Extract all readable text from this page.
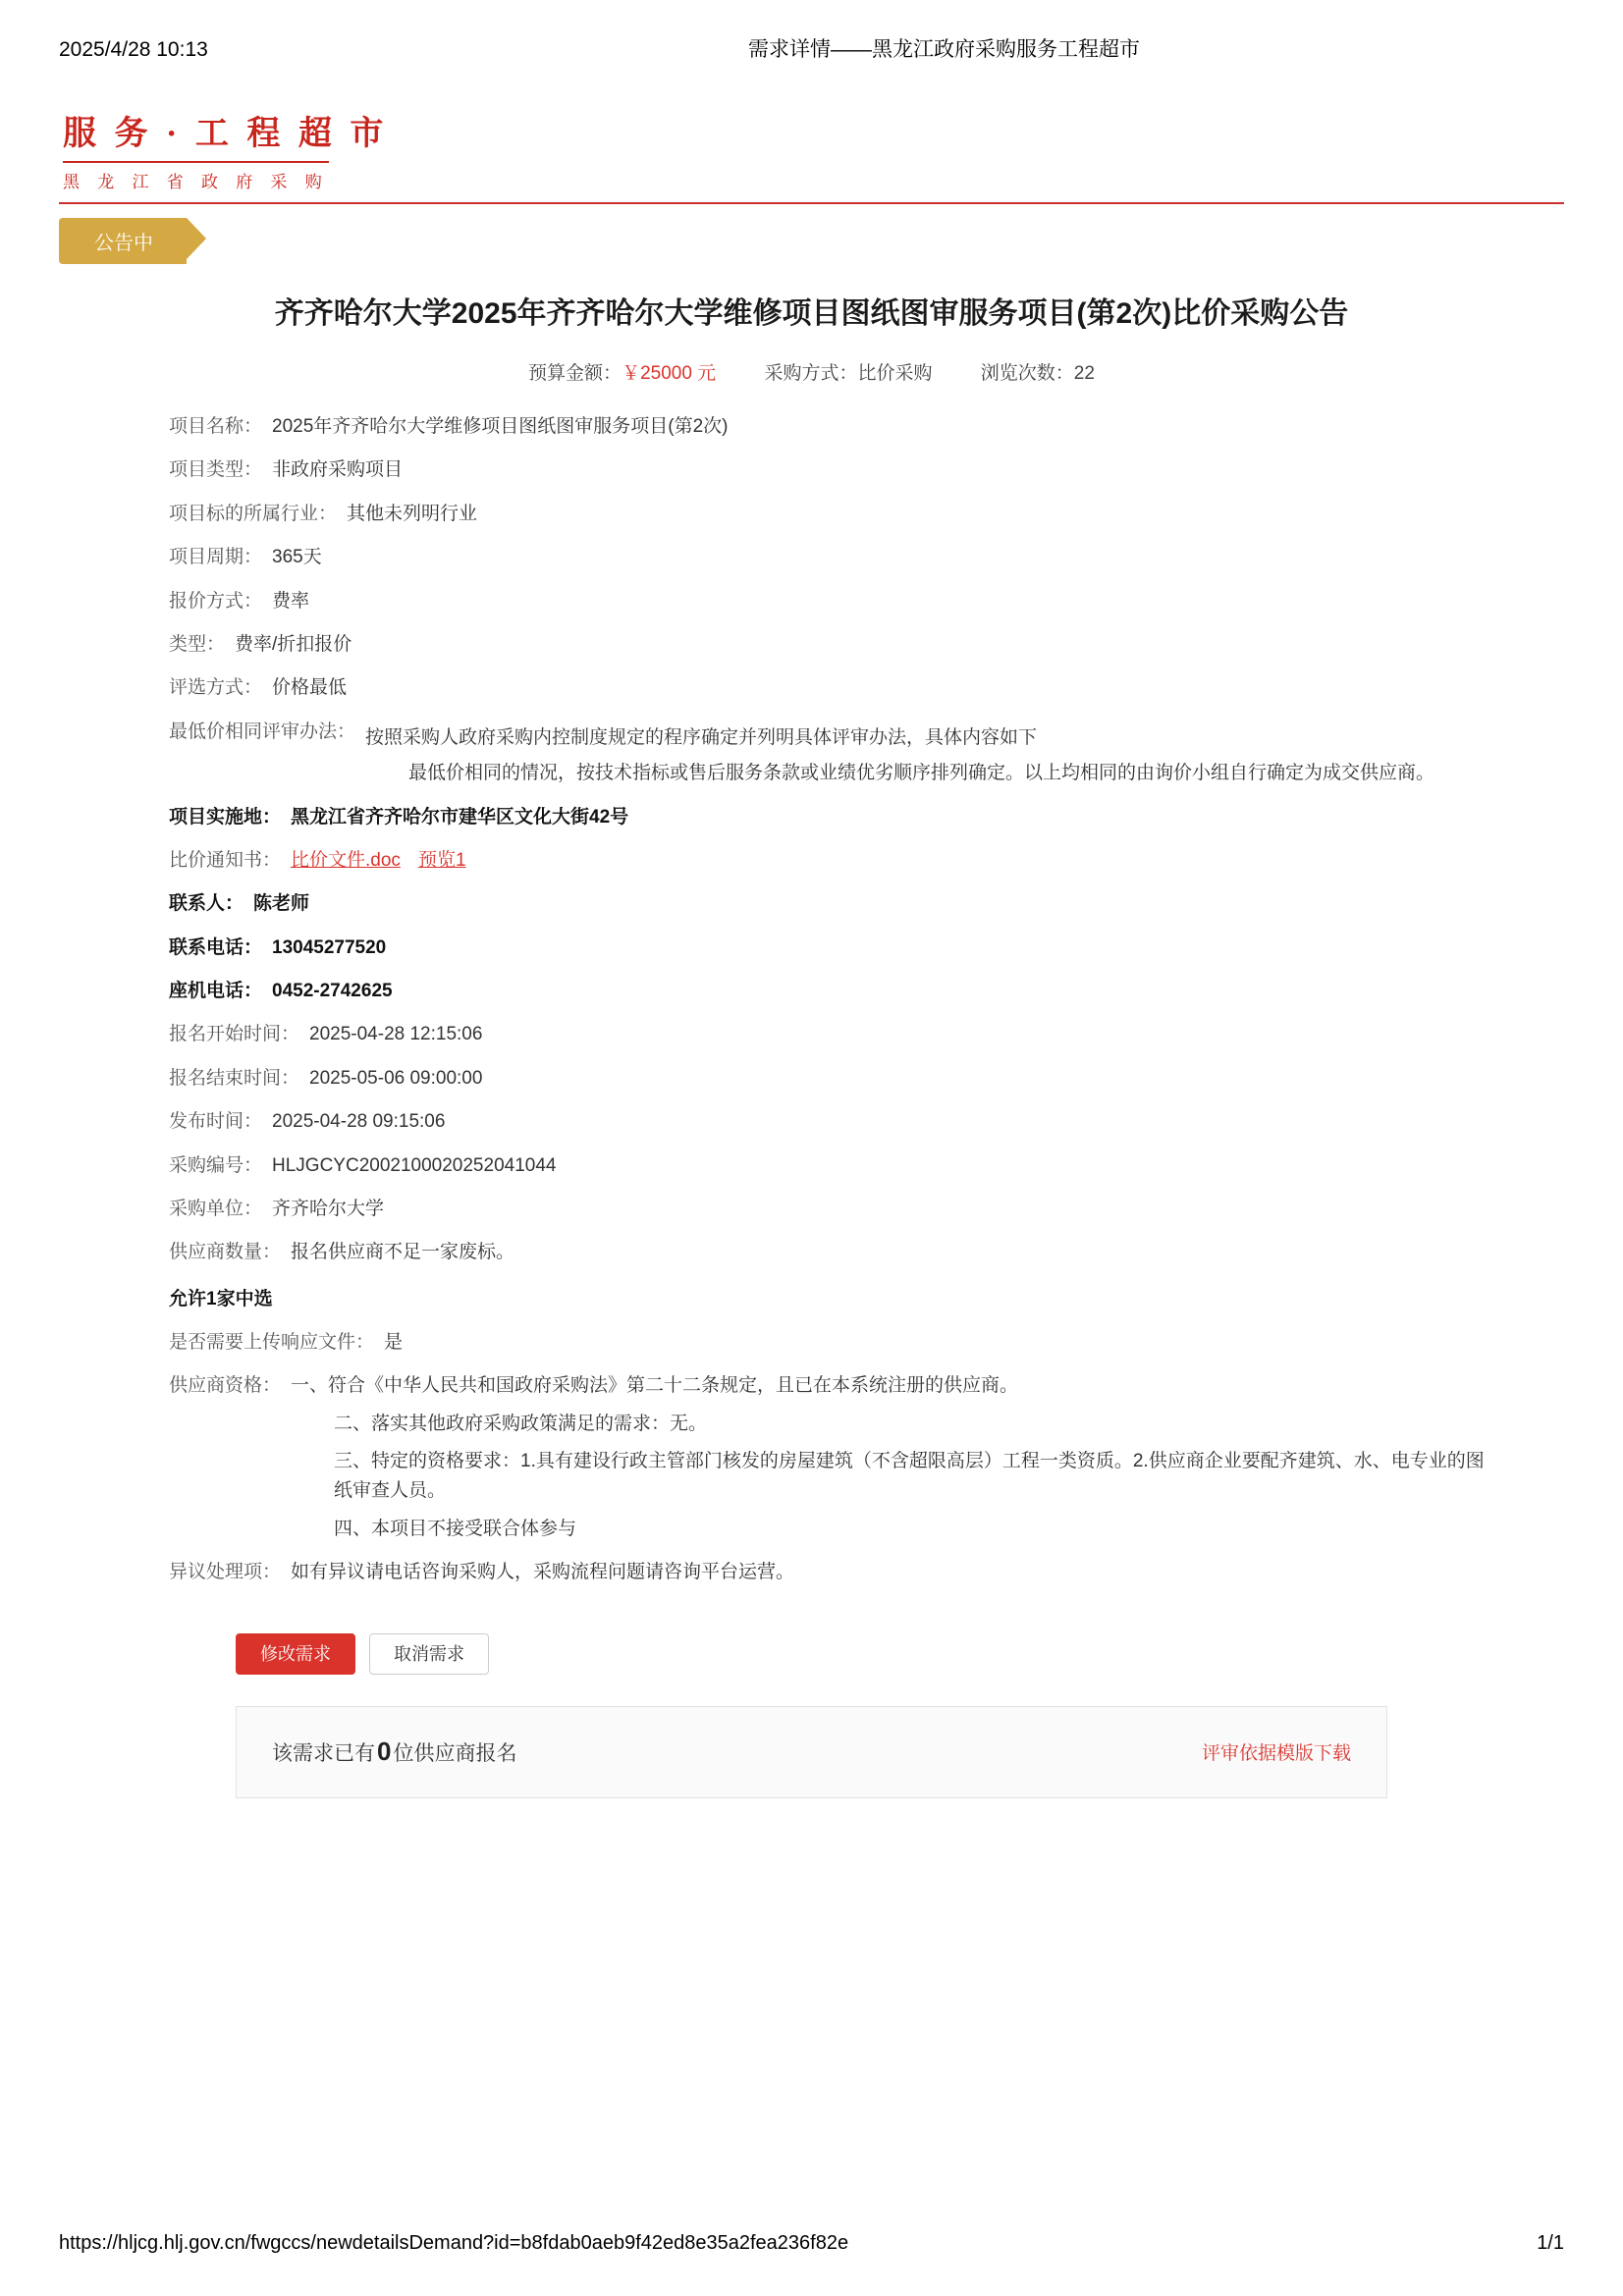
2025/4/28 10:13	需求详情——黑龙江政府采购服务工程超市
服 务 · 工 程 超 市
黑 龙 江 省 政 府 采 购
公告中
齐齐哈尔大学2025年齐齐哈尔大学维修项目图纸图审服务项目(第2次)比价采购公告
预算金额：￥25000 元	采购方式：比价采购	浏览次数：22
项目名称： 2025年齐齐哈尔大学维修项目图纸图审服务项目(第2次)
项目类型： 非政府采购项目
项目标的所属行业： 其他未列明行业
项目周期： 365天
报价方式： 费率
类型： 费率/折扣报价
评选方式： 价格最低
最低价相同评审办法： 按照采购人政府采购内控制度规定的程序确定并列明具体评审办法，具体内容如下
最低价相同的情况，按技术指标或售后服务条款或业绩优劣顺序排列确定。以上均相同的由询价小组自行确定为成交供应商。
项目实施地： 黑龙江省齐齐哈尔市建华区文化大街42号
比价通知书： 比价文件.doc 预览1
联系人： 陈老师
联系电话： 13045277520
座机电话： 0452-2742625
报名开始时间： 2025-04-28 12:15:06
报名结束时间： 2025-05-06 09:00:00
发布时间： 2025-04-28 09:15:06
采购编号： HLJGCYC2002100020252041044
采购单位： 齐齐哈尔大学
供应商数量： 报名供应商不足一家废标。
允许1家中选
是否需要上传响应文件： 是
供应商资格： 一、符合《中华人民共和国政府采购法》第二十二条规定，且已在本系统注册的供应商。
二、落实其他政府采购政策满足的需求：无。
三、特定的资格要求：1.具有建设行政主管部门核发的房屋建筑（不含超限高层）工程一类资质。2.供应商企业要配齐建筑、水、电专业的图纸审查人员。
四、本项目不接受联合体参与
异议处理项： 如有异议请电话咨询采购人，采购流程问题请咨询平台运营。
修改需求	取消需求
该需求已有0位供应商报名	评审依据模版下载
https://hljcg.hlj.gov.cn/fwgccs/newdetailsDemand?id=b8fdab0aeb9f42ed8e35a2fea236f82e	1/1
